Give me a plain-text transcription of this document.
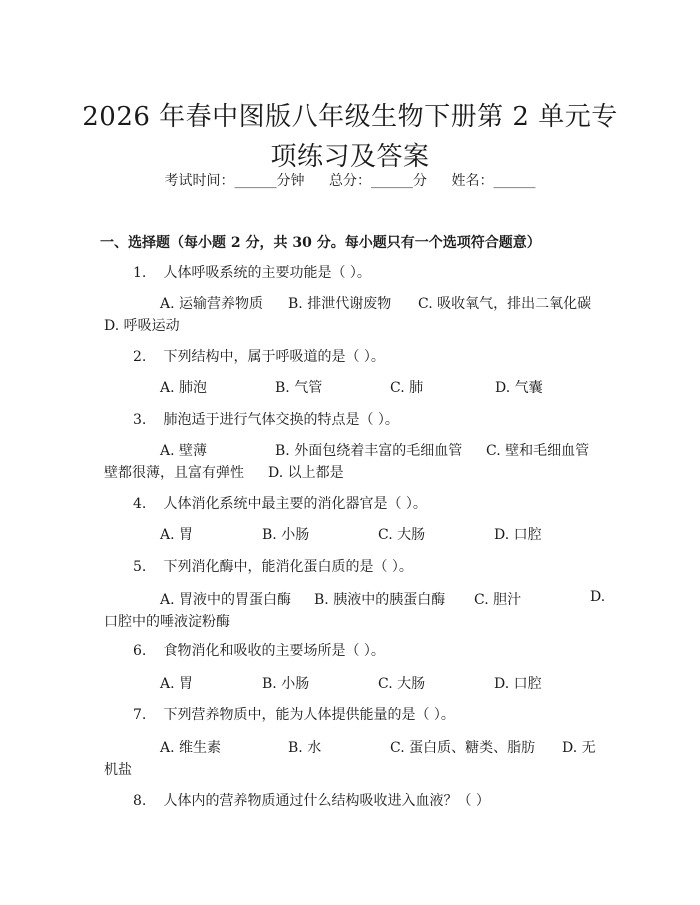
2026 年春中图版八年级生物下册第 2 单元专
项练习及答案
考试时间：______分钟 总分：______分 姓名：______
一、选择题（每小题 2 分，共 30 分。每小题只有一个选项符合题意）
1. 人体呼吸系统的主要功能是（ ）。
A. 运输营养物质 B. 排泄代谢废物 C. 吸收氧气，排出二氧化碳
D. 呼吸运动
2. 下列结构中，属于呼吸道的是（ ）。
A. 肺泡	B. 气管	C. 肺	D. 气囊
3. 肺泡适于进行气体交换的特点是（ ）。
A. 壁薄	B. 外面包绕着丰富的毛细血管 C. 壁和毛细血管
壁都很薄，且富有弹性 D. 以上都是
4. 人体消化系统中最主要的消化器官是（ ）。
A. 胃	B. 小肠	C. 大肠	D. 口腔
5. 下列消化酶中，能消化蛋白质的是（ ）。
A. 胃液中的胃蛋白酶 B. 胰液中的胰蛋白酶 C. 胆汁	D.
口腔中的唾液淀粉酶
6. 食物消化和吸收的主要场所是（ ）。
A. 胃	B. 小肠	C. 大肠	D. 口腔
7. 下列营养物质中，能为人体提供能量的是（ ）。
A. 维生素	B. 水	C. 蛋白质、糖类、脂肪 D. 无
机盐
8. 人体内的营养物质通过什么结构吸收进入血液？（ ）
